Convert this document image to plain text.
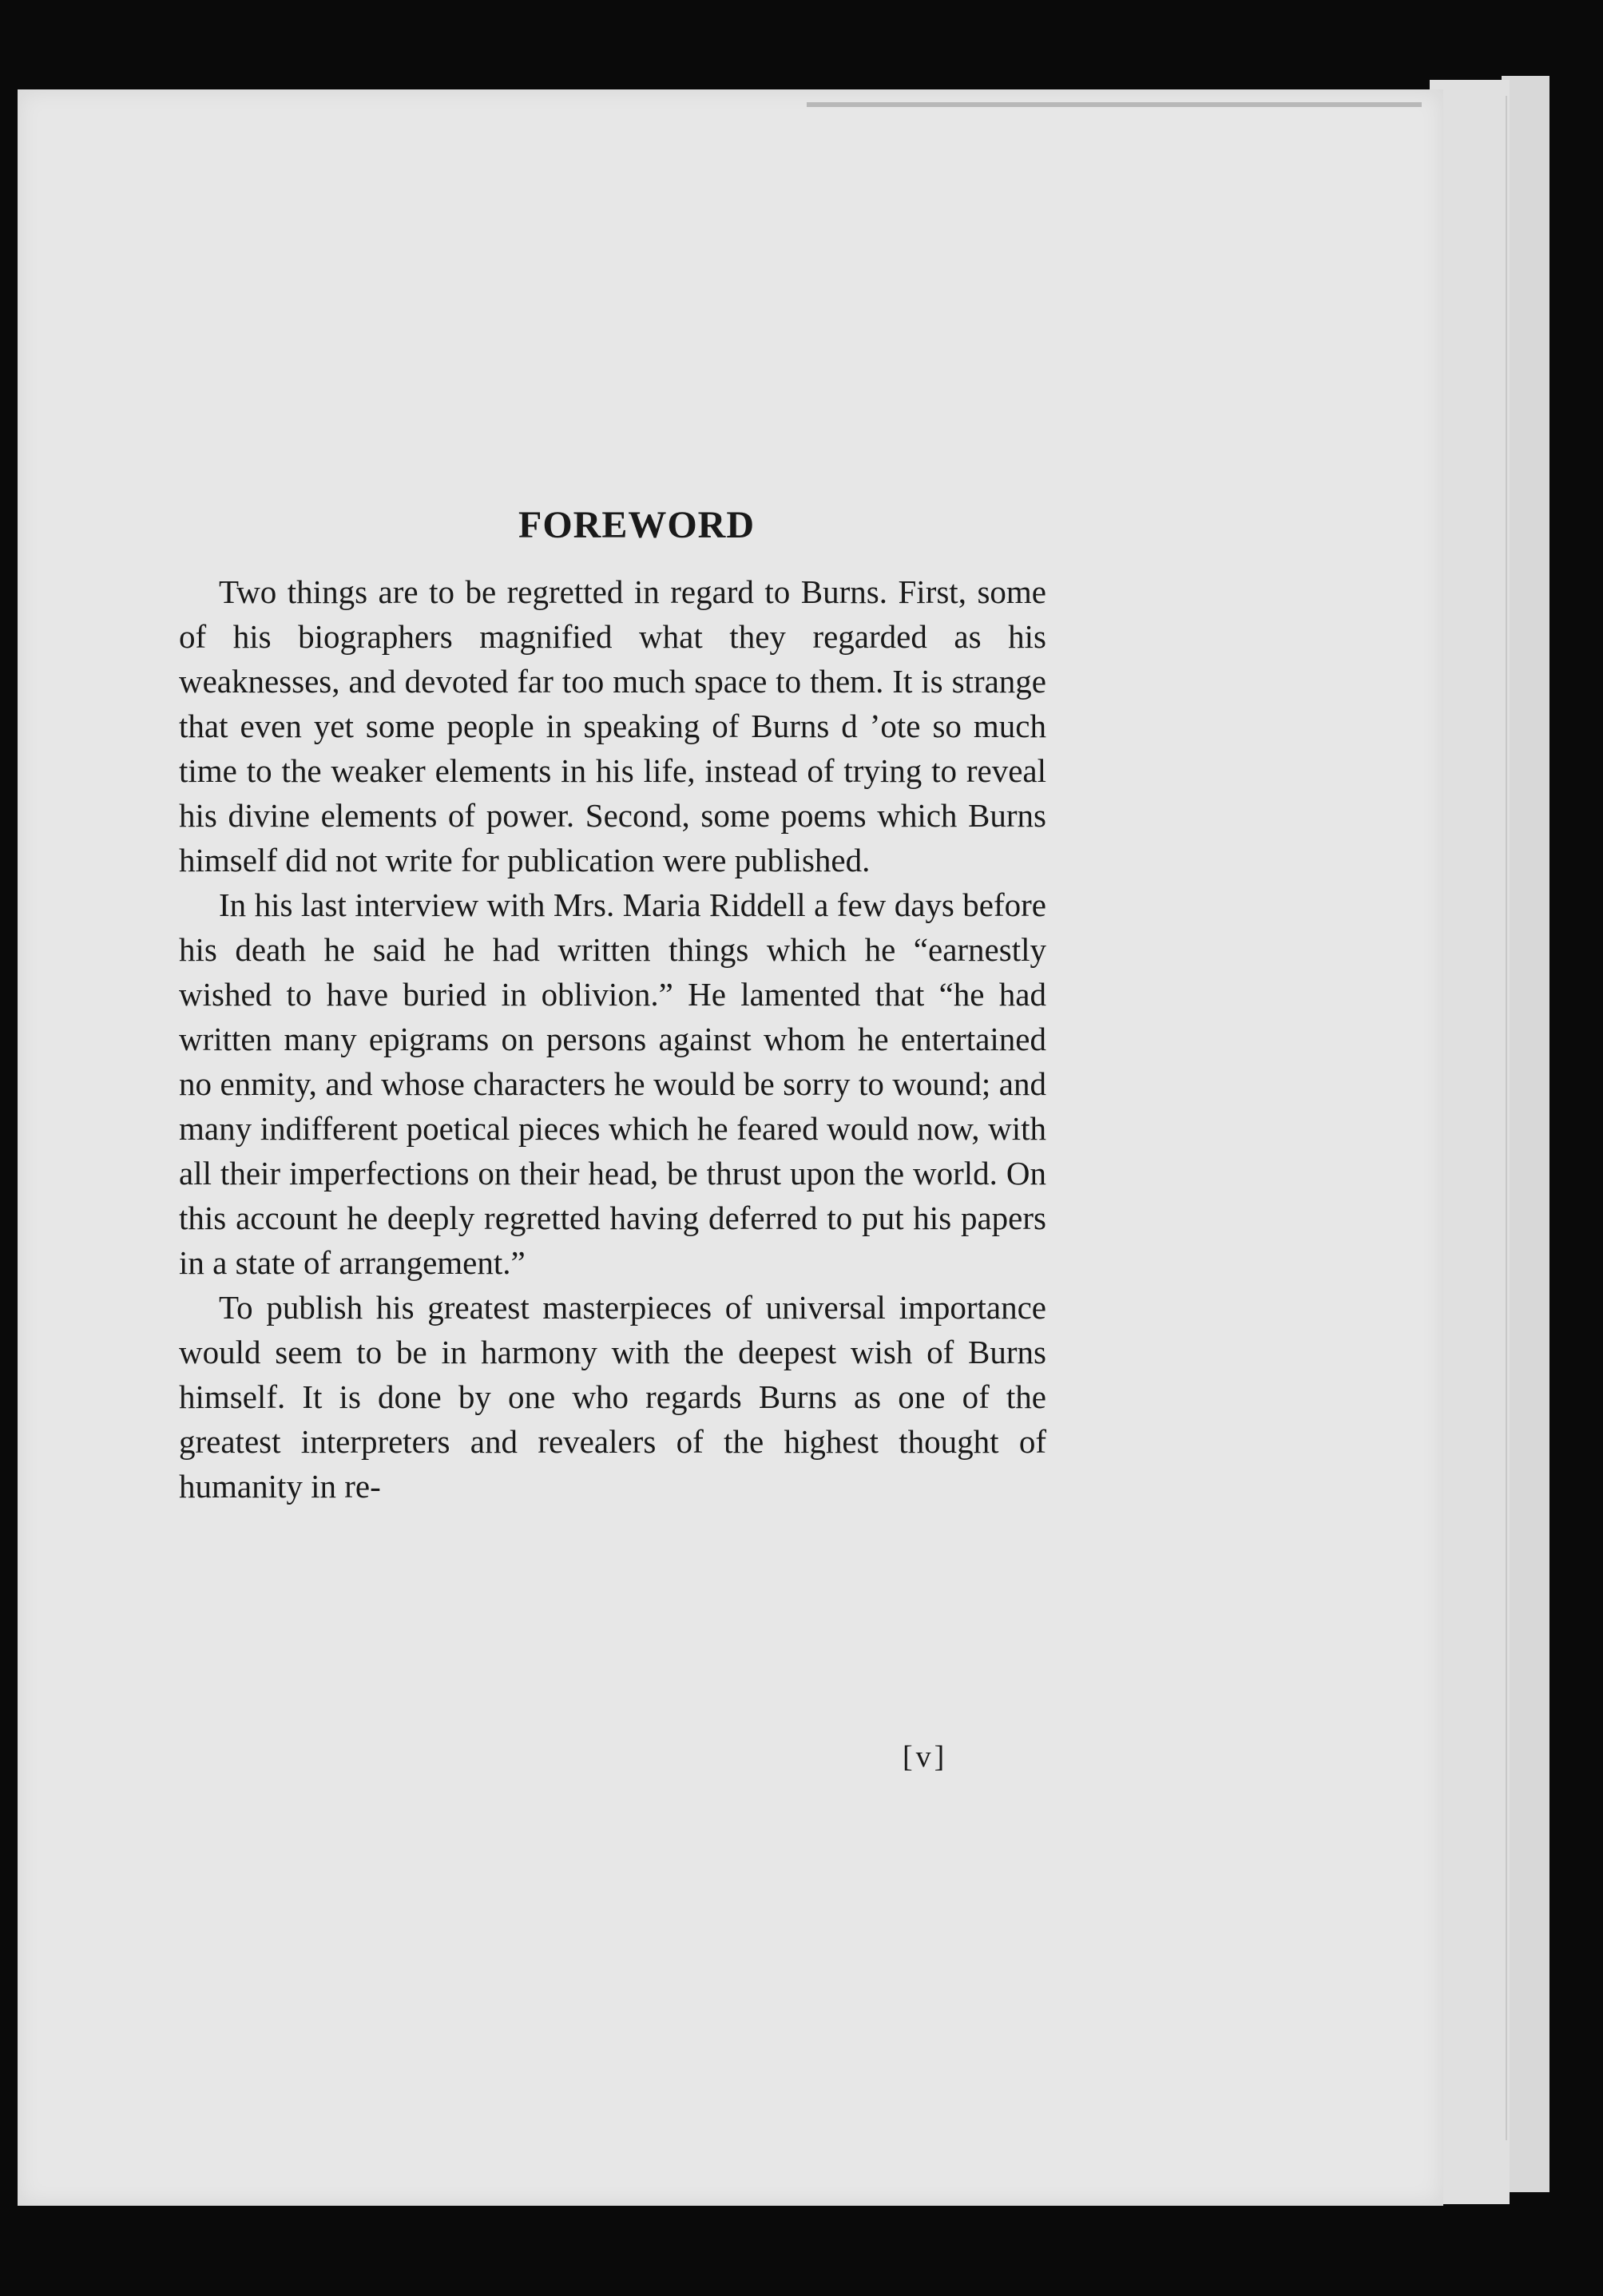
FOREWORD

Two things are to be regretted in regard to Burns. First, some of his biographers magnified what they regarded as his weaknesses, and devoted far too much space to them. It is strange that even yet some people in speaking of Burns d ʼote so much time to the weaker elements in his life, instead of trying to reveal his divine elements of power. Second, some poems which Burns himself did not write for publication were published.

In his last interview with Mrs. Maria Riddell a few days before his death he said he had written things which he “earnestly wished to have buried in oblivion.” He lamented that “he had written many epigrams on persons against whom he entertained no enmity, and whose characters he would be sorry to wound; and many indifferent poetical pieces which he feared would now, with all their imperfections on their head, be thrust upon the world. On this account he deeply regretted having deferred to put his papers in a state of arrangement.”

To publish his greatest masterpieces of universal importance would seem to be in harmony with the deepest wish of Burns himself. It is done by one who regards Burns as one of the greatest interpreters and revealers of the highest thought of humanity in re-

[v]
